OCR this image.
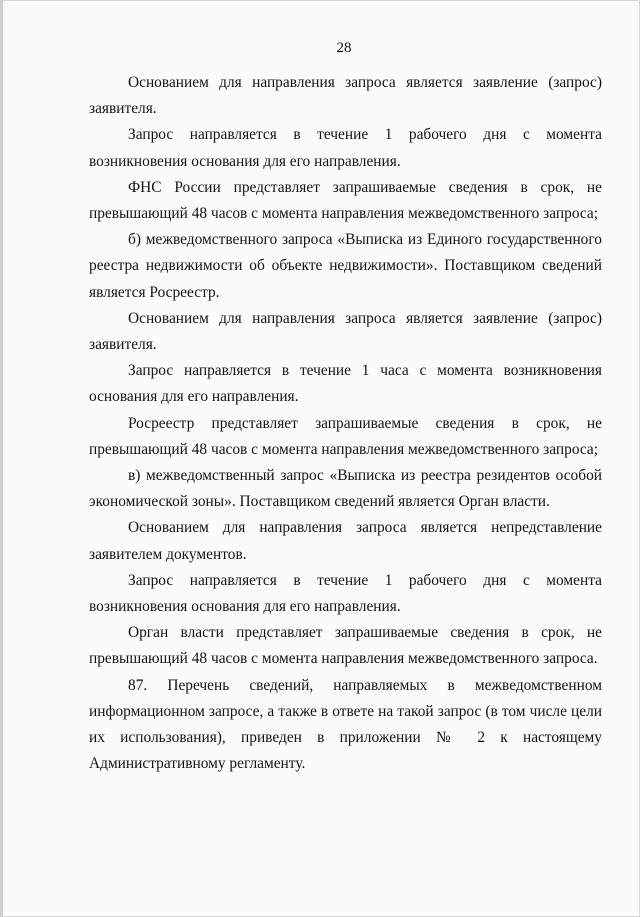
28

Основанием для направления запроса является заявление (запрос) заявителя.

Запрос направляется в течение 1 рабочего дня с момента возникновения основания для его направления.

ФНС России представляет запрашиваемые сведения в срок, не превышающий 48 часов с момента направления межведомственного запроса;

б) межведомственного запроса «Выписка из Единого государственного реестра недвижимости об объекте недвижимости». Поставщиком сведений является Росреестр.

Основанием для направления запроса является заявление (запрос) заявителя.

Запрос направляется в течение 1 часа с момента возникновения основания для его направления.

Росреестр представляет запрашиваемые сведения в срок, не превышающий 48 часов с момента направления межведомственного запроса;

в) межведомственный запрос «Выписка из реестра резидентов особой экономической зоны». Поставщиком сведений является Орган власти.

Основанием для направления запроса является непредставление заявителем документов.

Запрос направляется в течение 1 рабочего дня с момента возникновения основания для его направления.

Орган власти представляет запрашиваемые сведения в срок, не превышающий 48 часов с момента направления межведомственного запроса.

87. Перечень сведений, направляемых в межведомственном информационном запросе, а также в ответе на такой запрос (в том числе цели их использования), приведен в приложении № 2 к настоящему Административному регламенту.
